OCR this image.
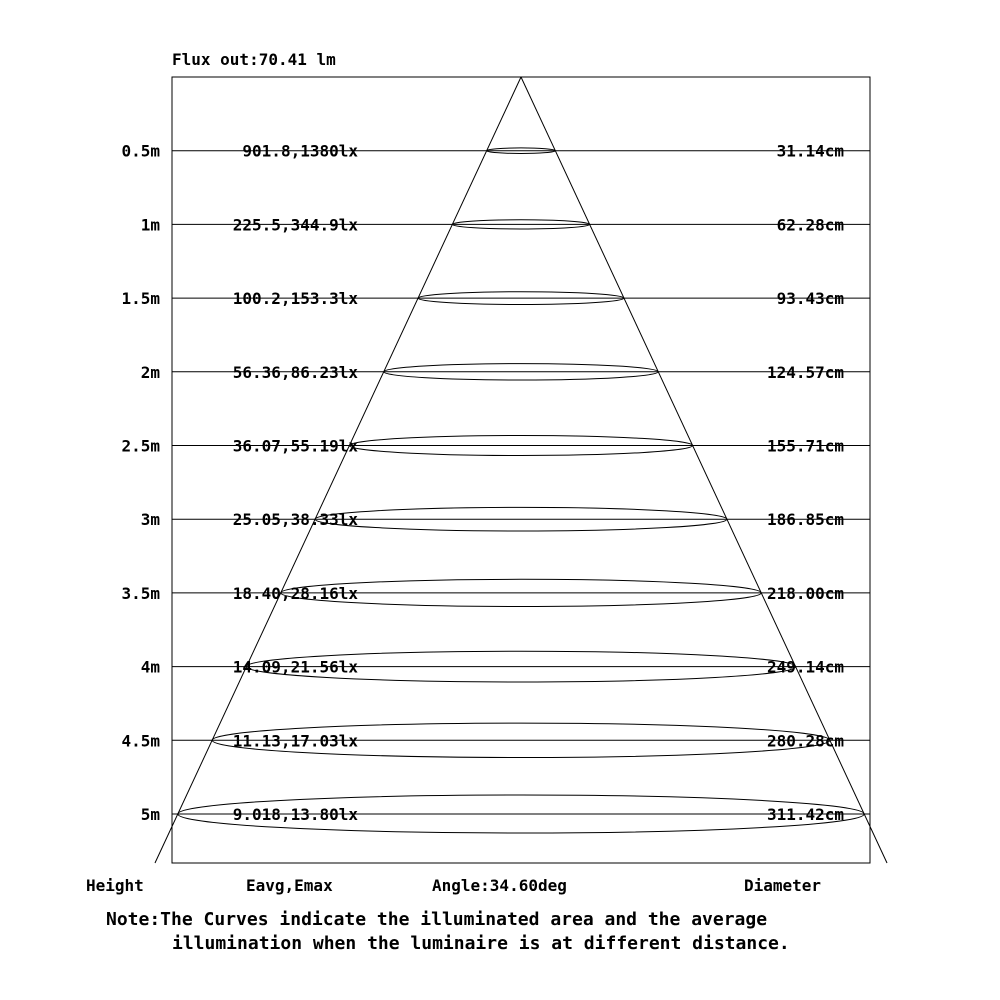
Flux out:70.41 lm
0.5m	901.8,1380lx	31.14cm
1m	225.5,344.9lx	62.28cm
1.5m	100.2,153.3lx	93.43cm
2m	56.36,86.23lx	124.57cm
2.5m	36.07,55.19lx	155.71cm
3m	25.05,38.33lx	186.85cm
3.5m	18.40,28.16lx	218.00cm
4m	14.09,21.56lx	249.14cm
4.5m	11.13,17.03lx	280.28cm
5m	9.018,13.80lx	311.42cm
Height	Eavg,Emax	Angle:34.60deg	Diameter
Note:The Curves indicate the illuminated area and the average
illumination when the luminaire is at different distance.
